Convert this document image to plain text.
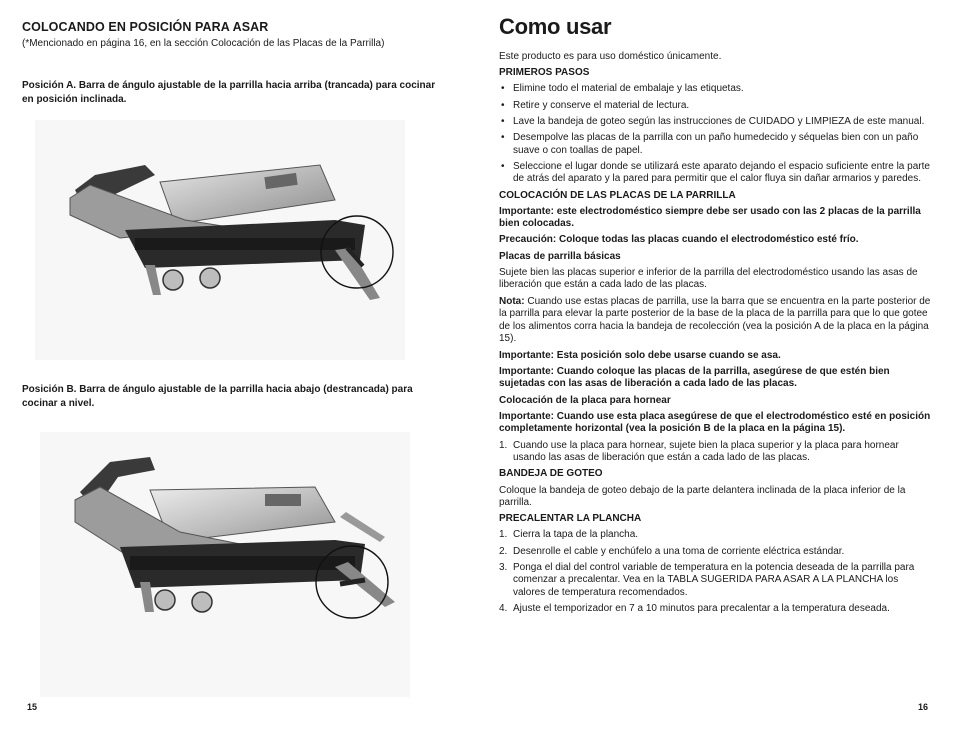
COLOCANDO EN POSICIÓN PARA ASAR
(*Mencionado en página 16, en la sección Colocación de las Placas de la Parrilla)
Posición A. Barra de ángulo ajustable de la parrilla hacia arriba (trancada) para cocinar en posición inclinada.
Posición B. Barra de ángulo ajustable de la parrilla hacia abajo (destrancada) para cocinar a nivel.
15
Como usar

Este producto es para uso doméstico únicamente.

PRIMEROS PASOS

• Elimine todo el material de embalaje y las etiquetas.
• Retire y conserve el material de lectura.
• Lave la bandeja de goteo según las instrucciones de CUIDADO y LIMPIEZA de este manual.
• Desempolve las placas de la parrilla con un paño humedecido y séquelas bien con un paño suave o con toallas de papel.
• Seleccione el lugar donde se utilizará este aparato dejando el espacio suficiente entre la parte de atrás del aparato y la pared para permitir que el calor fluya sin dañar armarios y paredes.

COLOCACIÓN DE LAS PLACAS DE LA PARRILLA

Importante: este electrodoméstico siempre debe ser usado con las 2 placas de la parrilla bien colocadas.

Precaución: Coloque todas las placas cuando el electrodoméstico esté frío.

Placas de parrilla básicas

Sujete bien las placas superior e inferior de la parrilla del electrodoméstico usando las asas de liberación que están a cada lado de las placas.

Nota: Cuando use estas placas de parrilla, use la barra que se encuentra en la parte posterior de la parrilla para elevar la parte posterior de la base de la placa de la parrilla para que lo que gotee de los alimentos corra hacia la bandeja de recolección (vea la posición A de la placa en la página 15).

Importante: Esta posición solo debe usarse cuando se asa.

Importante: Cuando coloque las placas de la parrilla, asegúrese de que estén bien sujetadas con las asas de liberación a cada lado de las placas.

Colocación de la placa para hornear

Importante: Cuando use esta placa asegúrese de que el electrodoméstico esté en posición completamente horizontal (vea la posición B de la placa en la página 15).

1. Cuando use la placa para hornear, sujete bien la placa superior y la placa para hornear usando las asas de liberación que están a cada lado de las placas.

BANDEJA DE GOTEO

Coloque la bandeja de goteo debajo de la parte delantera inclinada de la placa inferior de la parrilla.

PRECALENTAR LA PLANCHA

1. Cierra la tapa de la plancha.
2. Desenrolle el cable y enchúfelo a una toma de corriente eléctrica estándar.
3. Ponga el dial del control variable de temperatura en la potencia deseada de la parrilla para comenzar a precalentar. Vea en la TABLA SUGERIDA PARA ASAR A LA PLANCHA los valores de temperatura recomendados.
4. Ajuste el temporizador en 7 a 10 minutos para precalentar a la temperatura deseada.
16
